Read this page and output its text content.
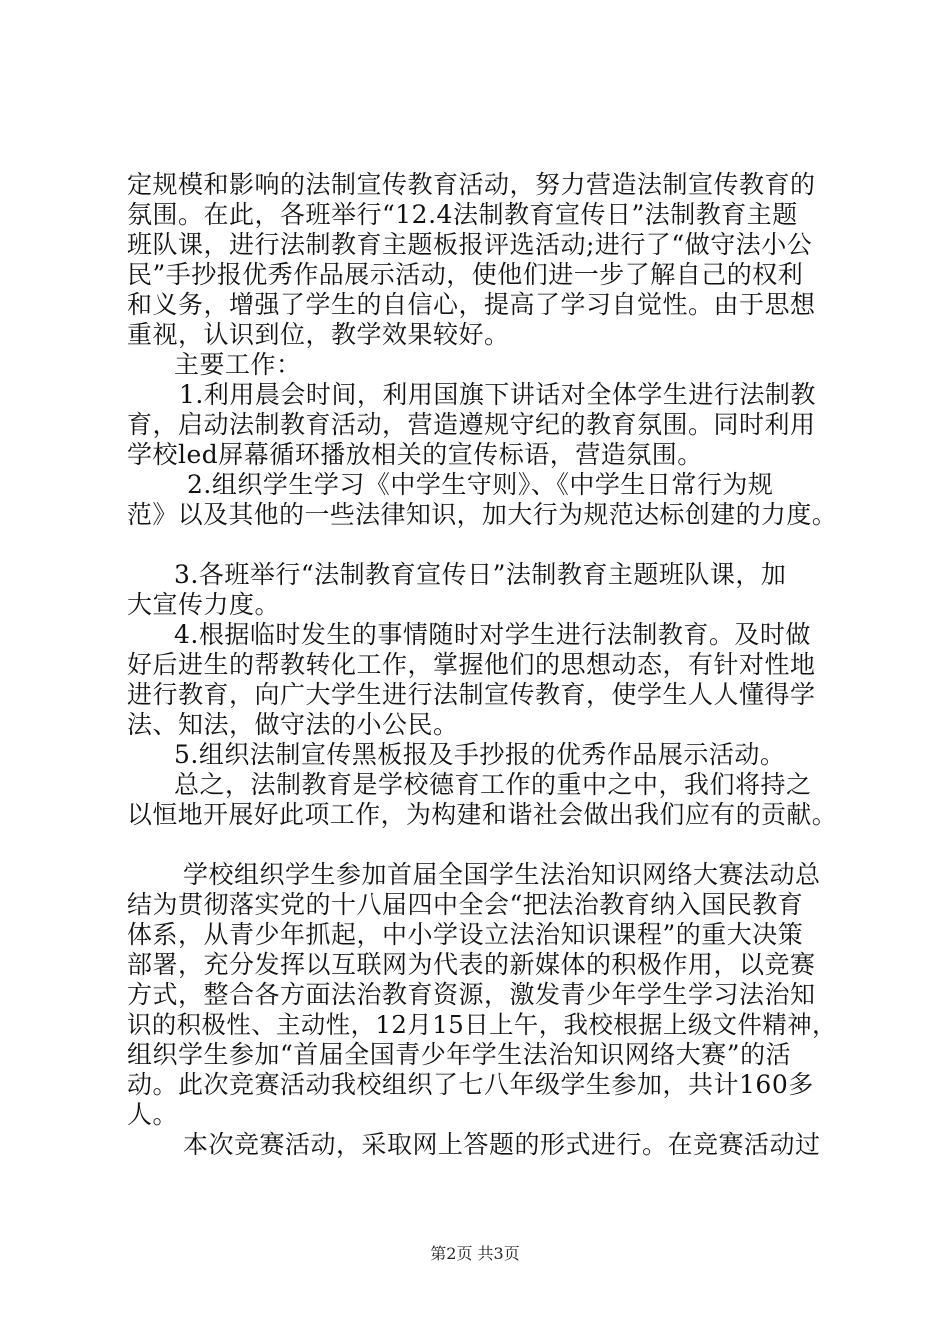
定规模和影响的法制宣传教育活动，努力营造法制宣传教育的
氛围。在此，各班举行“12.4法制教育宣传日”法制教育主题
班队课，进行法制教育主题板报评选活动;进行了“做守法小公
民”手抄报优秀作品展示活动，使他们进一步了解自己的权利
和义务，增强了学生的自信心，提高了学习自觉性。由于思想
重视，认识到位，教学效果较好。
主要工作：
1.利用晨会时间，利用国旗下讲话对全体学生进行法制教
育，启动法制教育活动，营造遵规守纪的教育氛围。同时利用
学校led屏幕循环播放相关的宣传标语，营造氛围。
2.组织学生学习《中学生守则》、《中学生日常行为规
范》以及其他的一些法律知识，加大行为规范达标创建的力度。
3.各班举行“法制教育宣传日”法制教育主题班队课，加
大宣传力度。
4.根据临时发生的事情随时对学生进行法制教育。及时做
好后进生的帮教转化工作，掌握他们的思想动态，有针对性地
进行教育，向广大学生进行法制宣传教育，使学生人人懂得学
法、知法，做守法的小公民。
5.组织法制宣传黑板报及手抄报的优秀作品展示活动。
总之，法制教育是学校德育工作的重中之中，我们将持之
以恒地开展好此项工作，为构建和谐社会做出我们应有的贡献。
学校组织学生参加首届全国学生法治知识网络大赛法动总
结为贯彻落实党的十八届四中全会“把法治教育纳入国民教育
体系，从青少年抓起，中小学设立法治知识课程”的重大决策
部署，充分发挥以互联网为代表的新媒体的积极作用，以竞赛
方式，整合各方面法治教育资源，激发青少年学生学习法治知
识的积极性、主动性，12月15日上午，我校根据上级文件精神，
组织学生参加“首届全国青少年学生法治知识网络大赛”的活
动。此次竞赛活动我校组织了七八年级学生参加，共计160多
人。
本次竞赛活动，采取网上答题的形式进行。在竞赛活动过
第2页 共3页
